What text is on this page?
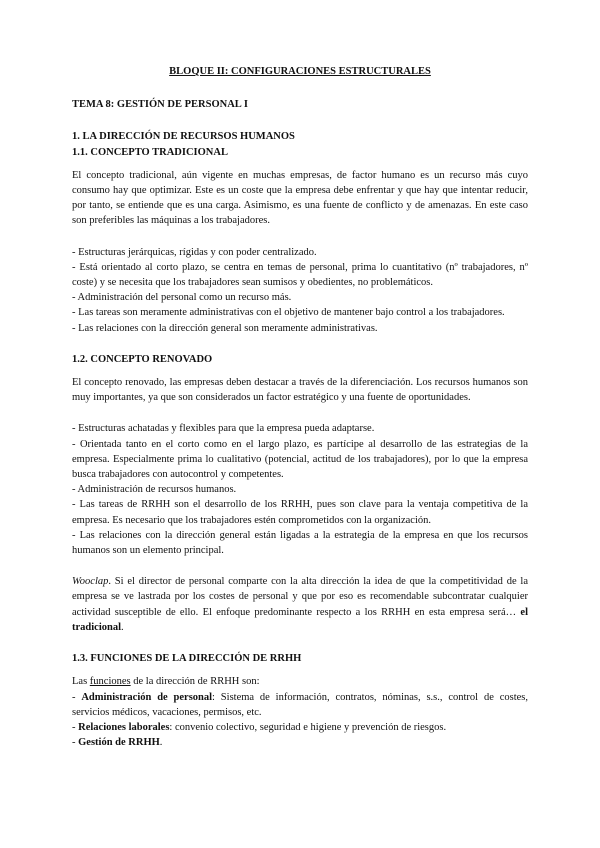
BLOQUE II: CONFIGURACIONES ESTRUCTURALES
TEMA 8: GESTIÓN DE PERSONAL I
1. LA DIRECCIÓN DE RECURSOS HUMANOS
1.1. CONCEPTO TRADICIONAL

El concepto tradicional, aún vigente en muchas empresas, de factor humano es un recurso más cuyo consumo hay que optimizar. Este es un coste que la empresa debe enfrentar y que hay que intentar reducir, por tanto, se entiende que es una carga. Asimismo, es una fuente de conflicto y de amenazas. En este caso son preferibles las máquinas a los trabajadores.

- Estructuras jerárquicas, rígidas y con poder centralizado.

- Está orientado al corto plazo, se centra en temas de personal, prima lo cuantitativo (nº trabajadores, nº coste) y se necesita que los trabajadores sean sumisos y obedientes, no problemáticos.

- Administración del personal como un recurso más.

- Las tareas son meramente administrativas con el objetivo de mantener bajo control a los trabajadores.

- Las relaciones con la dirección general son meramente administrativas.

1.2. CONCEPTO RENOVADO

El concepto renovado, las empresas deben destacar a través de la diferenciación. Los recursos humanos son muy importantes, ya que son considerados un factor estratégico y una fuente de oportunidades.

- Estructuras achatadas y flexibles para que la empresa pueda adaptarse.

- Orientada tanto en el corto como en el largo plazo, es partícipe al desarrollo de las estrategias de la empresa. Especialmente prima lo cualitativo (potencial, actitud de los trabajadores), por lo que la empresa busca trabajadores con autocontrol y competentes.

- Administración de recursos humanos.

- Las tareas de RRHH son el desarrollo de los RRHH, pues son clave para la ventaja competitiva de la empresa. Es necesario que los trabajadores estén comprometidos con la organización.

- Las relaciones con la dirección general están ligadas a la estrategia de la empresa en que los recursos humanos son un elemento principal.

Wooclap. Si el director de personal comparte con la alta dirección la idea de que la competitividad de la empresa se ve lastrada por los costes de personal y que por eso es recomendable subcontratar cualquier actividad susceptible de ello. El enfoque predominante respecto a los RRHH en esta empresa será… el tradicional.

1.3. FUNCIONES DE LA DIRECCIÓN DE RRHH

Las funciones de la dirección de RRHH son:

- Administración de personal: Sistema de información, contratos, nóminas, s.s., control de costes, servicios médicos, vacaciones, permisos, etc.

- Relaciones laborales: convenio colectivo, seguridad e higiene y prevención de riesgos.

- Gestión de RRHH.
